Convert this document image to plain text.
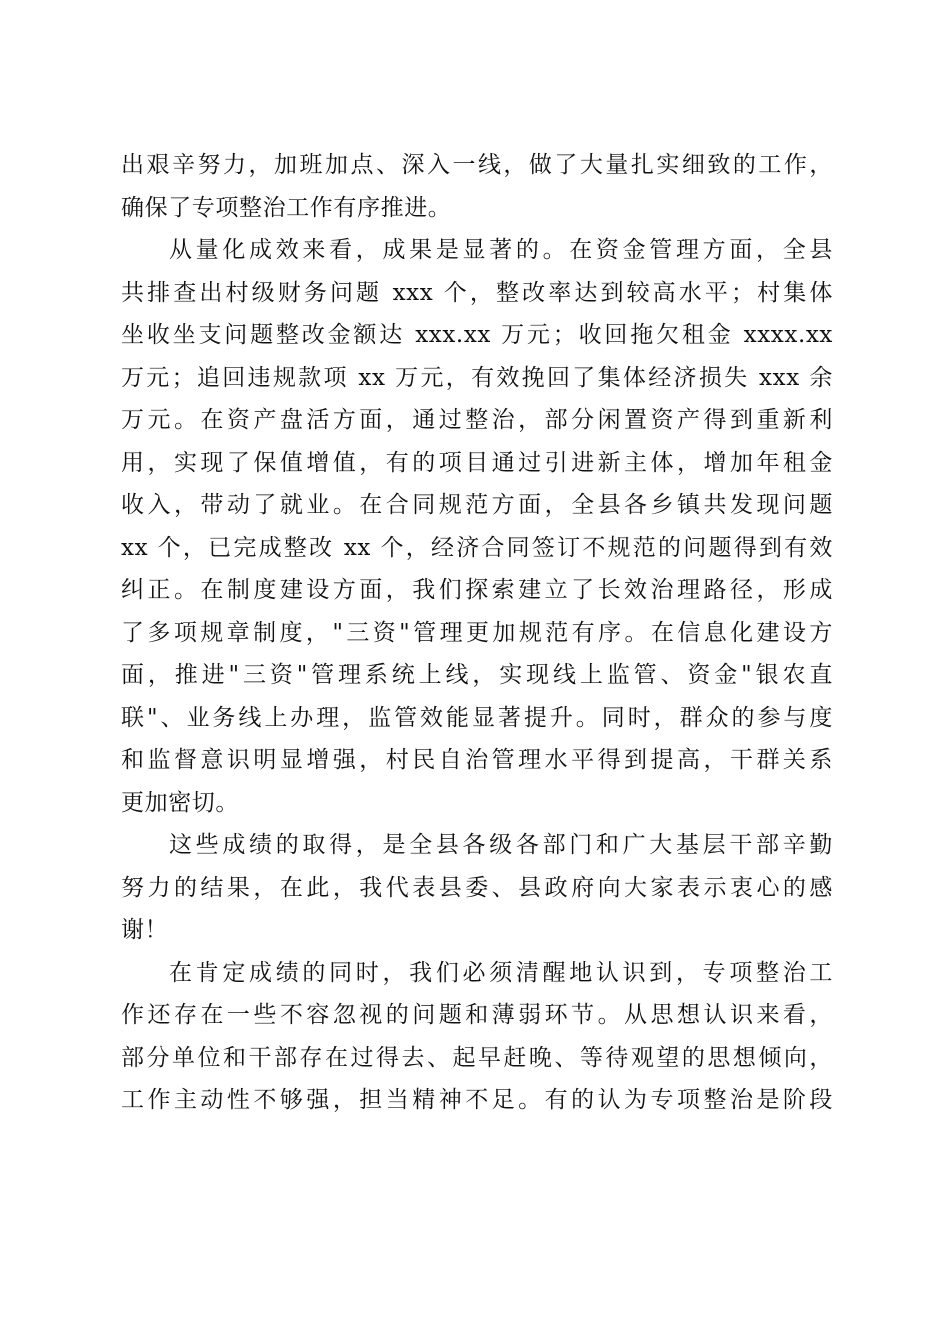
出艰辛努力，加班加点、深入一线，做了大量扎实细致的工作，
确保了专项整治工作有序推进。
从量化成效来看，成果是显著的。在资金管理方面，全县
共排查出村级财务问题 xxx 个，整改率达到较高水平；村集体
坐收坐支问题整改金额达 xxx.xx 万元；收回拖欠租金 xxxx.xx
万元；追回违规款项 xx 万元，有效挽回了集体经济损失 xxx 余
万元。在资产盘活方面，通过整治，部分闲置资产得到重新利
用，实现了保值增值，有的项目通过引进新主体，增加年租金
收入，带动了就业。在合同规范方面，全县各乡镇共发现问题
xx 个，已完成整改 xx 个，经济合同签订不规范的问题得到有效
纠正。在制度建设方面，我们探索建立了长效治理路径，形成
了多项规章制度，"三资"管理更加规范有序。在信息化建设方
面，推进"三资"管理系统上线，实现线上监管、资金"银农直
联"、业务线上办理，监管效能显著提升。同时，群众的参与度
和监督意识明显增强，村民自治管理水平得到提高，干群关系
更加密切。
这些成绩的取得，是全县各级各部门和广大基层干部辛勤
努力的结果，在此，我代表县委、县政府向大家表示衷心的感
谢！
在肯定成绩的同时，我们必须清醒地认识到，专项整治工
作还存在一些不容忽视的问题和薄弱环节。从思想认识来看，
部分单位和干部存在过得去、起早赶晚、等待观望的思想倾向，
工作主动性不够强，担当精神不足。有的认为专项整治是阶段
